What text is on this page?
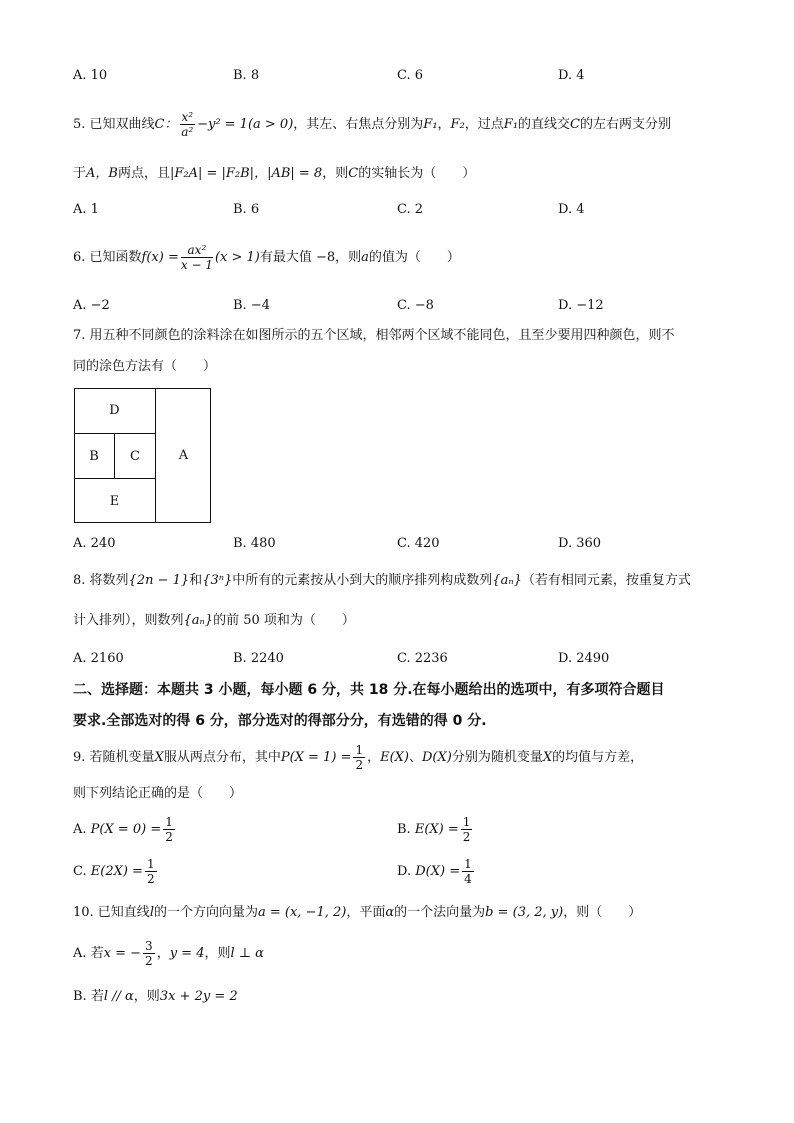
A. 10	B. 8	C. 6	D. 4
5. 已知双曲线C： $\frac{\text{x²}}{\text{a²}} -y^2 = 1(a > 0)$，其左、右焦点分别为F₁，F₂，过点F₁的直线交C的左右两支分别
于A，B两点，且|F₂A| = |F₂B|，|AB| = 8，则C的实轴长为（　　）
A. 1	B. 6	C. 2	D. 4
6. 已知函数$f(x) = \frac{\text{ax²}}{x - 1} (x > 1)$有最大值 −8，则a的值为（　　）
A. −2	B. −4	C. −8	D. −12
7. 用五种不同颜色的涂料涂在如图所示的五个区域，相邻两个区域不能同色，且至少要用四种颜色，则不
同的涂色方法有（　　）
D
B	C
E
A
A. 240	B. 480	C. 420	D. 360
8. 将数列{2n − 1}和{3ⁿ}中所有的元素按从小到大的顺序排列构成数列{aₙ}（若有相同元素，按重复方式
计入排列），则数列{aₙ}的前 50 项和为（　　）
A. 2160	B. 2240	C. 2236	D. 2490
二、选择题：本题共 3 小题，每小题 6 分，共 18 分.在每小题给出的选项中，有多项符合题目
要求.全部选对的得 6 分，部分选对的得部分分，有选错的得 0 分.
9. 若随机变量X服从两点分布，其中$P(X = 1) = \frac{1}{2}$ ，E(X)、D(X)分别为随机变量X的均值与方差，
则下列结论正确的是（　　）
A. $P(X = 0) = \frac{1}{2}$	B. $E(X) = \frac{1}{2}$
C. $E(2X) = \frac{1}{2}$	D. $D(X) = \frac{1}{4}$
10. 已知直线l的一个方向向量为a = (x, −1, 2)，平面α的一个法向量为b = (3, 2, y)，则（　　）
A. 若x = − $\frac{3}{2}$ ，y = 4，则l ⊥ α
B. 若l // α，则3x + 2y = 2
